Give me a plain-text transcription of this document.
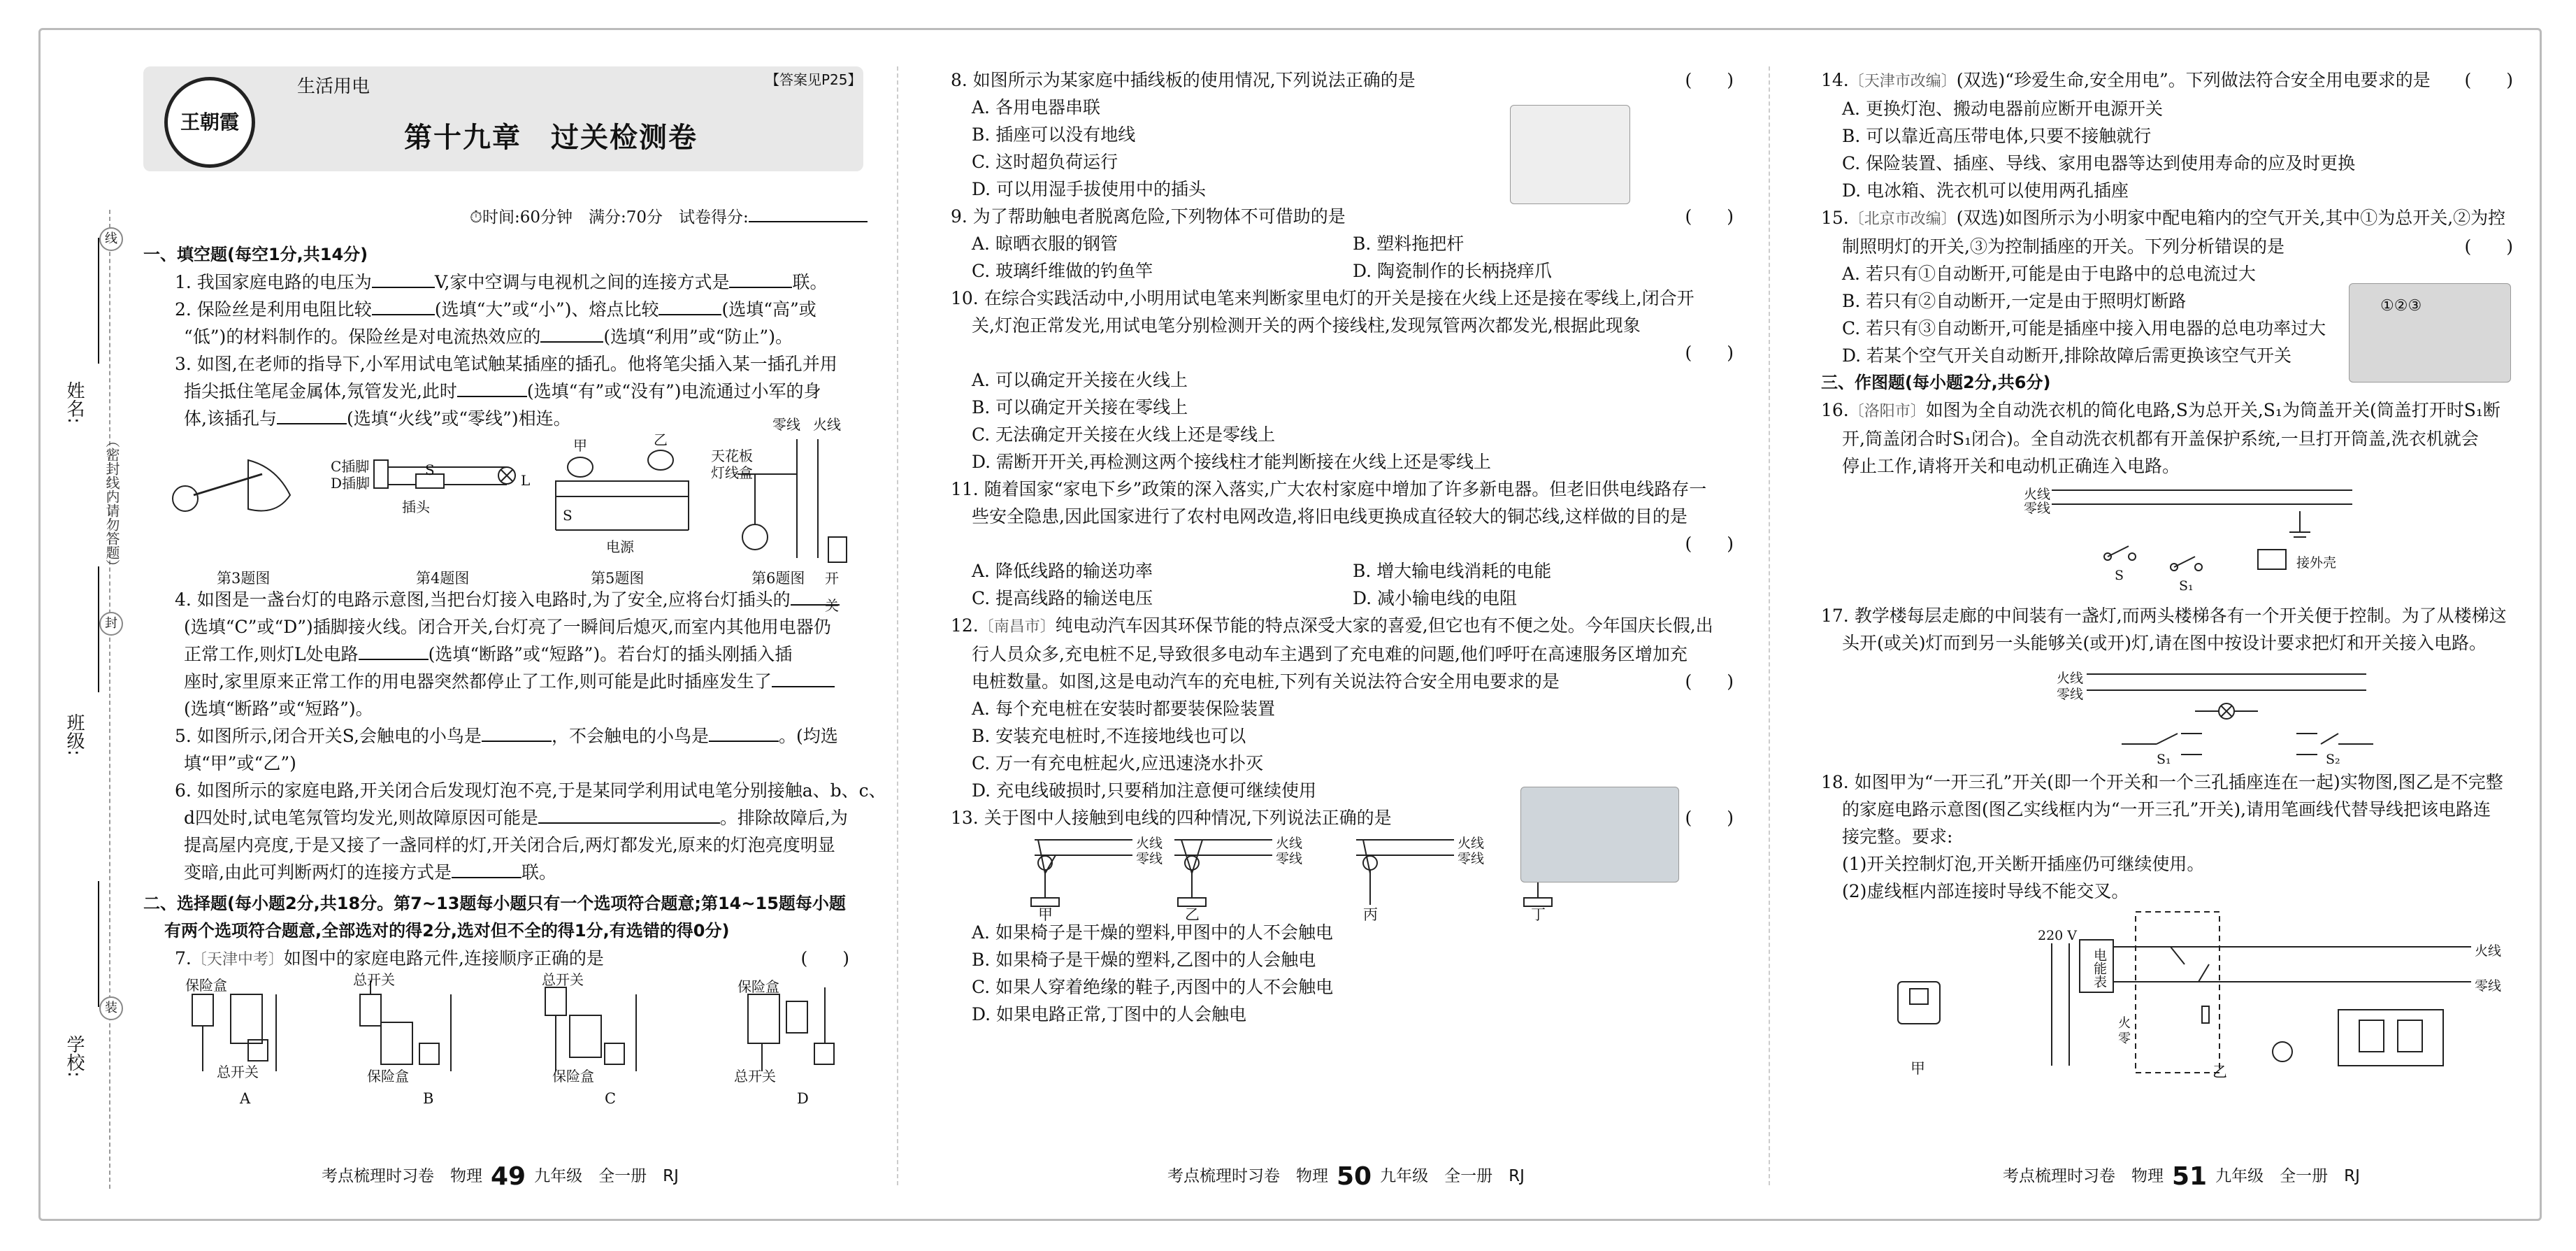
姓名:
（密封线内请勿答题）
班级:
学校:
线
封
装
王朝霞
生活用电	【答案见P25】
第十九章　过关检测卷
⏱时间:60分钟　满分:70分　试卷得分:
一、填空题(每空1分,共14分)
1. 我国家庭电路的电压为	V,家中空调与电视机之间的连接方式是	联。
2. 保险丝是利用电阻比较	(选填“大”或“小”)、熔点比较	(选填“高”或
“低”)的材料制作的。保险丝是对电流热效应的	(选填“利用”或“防止”)。
3. 如图,在老师的指导下,小军用试电笔试触某插座的插孔。他将笔尖插入某一插孔并用
指尖抵住笔尾金属体,氖管发光,此时	(选填“有”或“没有”)电流通过小军的身
体,该插孔与	(选填“火线”或“零线”)相连。
C插脚
D插脚
插头
S
L
甲	乙
S
电源
零线 火线
天花板
灯线盒
开关
第3题图	第4题图	第5题图	第6题图
4. 如图是一盏台灯的电路示意图,当把台灯接入电路时,为了安全,应将台灯插头的
(选填“C”或“D”)插脚接火线。闭合开关,台灯亮了一瞬间后熄灭,而室内其他用电器仍
正常工作,则灯L处电路	(选填“断路”或“短路”)。若台灯的插头刚插入插
座时,家里原来正常工作的用电器突然都停止了工作,则可能是此时插座发生了
(选填“断路”或“短路”)。
5. 如图所示,闭合开关S,会触电的小鸟是	，不会触电的小鸟是	。(均选
填“甲”或“乙”)
6. 如图所示的家庭电路,开关闭合后发现灯泡不亮,于是某同学利用试电笔分别接触a、b、c、
d四处时,试电笔氖管均发光,则故障原因可能是	。排除故障后,为
提高屋内亮度,于是又接了一盏同样的灯,开关闭合后,两灯都发光,原来的灯泡亮度明显
变暗,由此可判断两灯的连接方式是	联。
二、选择题(每小题2分,共18分。第7~13题每小题只有一个选项符合题意;第14~15题每小题
有两个选项符合题意,全部选对的得2分,选对但不全的得1分,有选错的得0分)
7.〔天津中考〕如图中的家庭电路元件,连接顺序正确的是	(　　)
保险盒
总开关
总开关
保险盒
总开关
保险盒
保险盒
总开关
A	B	C	D
8. 如图所示为某家庭中插线板的使用情况,下列说法正确的是	(　　)
A. 各用电器串联
B. 插座可以没有地线
C. 这时超负荷运行
D. 可以用湿手拔使用中的插头
9. 为了帮助触电者脱离危险,下列物体不可借助的是	(　　)
A. 晾晒衣服的钢管	B. 塑料拖把杆
C. 玻璃纤维做的钓鱼竿	D. 陶瓷制作的长柄挠痒爪
10. 在综合实践活动中,小明用试电笔来判断家里电灯的开关是接在火线上还是接在零线上,闭合开
关,灯泡正常发光,用试电笔分别检测开关的两个接线柱,发现氖管两次都发光,根据此现象
(　　)

A. 可以确定开关接在火线上
B. 可以确定开关接在零线上
C. 无法确定开关接在火线上还是零线上
D. 需断开开关,再检测这两个接线柱才能判断接在火线上还是零线上
11. 随着国家“家电下乡”政策的深入落实,广大农村家庭中增加了许多新电器。但老旧供电线路存一
些安全隐患,因此国家进行了农村电网改造,将旧电线更换成直径较大的铜芯线,这样做的目的是
(　　)

A. 降低线路的输送功率	B. 增大输电线消耗的电能
C. 提高线路的输送电压	D. 减小输电线的电阻
12.〔南昌市〕纯电动汽车因其环保节能的特点深受大家的喜爱,但它也有不便之处。今年国庆长假,出
行人员众多,充电桩不足,导致很多电动车主遇到了充电难的问题,他们呼吁在高速服务区增加充
电桩数量。如图,这是电动汽车的充电桩,下列有关说法符合安全用电要求的是	(　　)
A. 每个充电桩在安装时都要装保险装置
B. 安装充电桩时,不连接地线也可以
C. 万一有充电桩起火,应迅速浇水扑灭
D. 充电线破损时,只要稍加注意便可继续使用
13. 关于图中人接触到电线的四种情况,下列说法正确的是	(　　)
火线
零线
火线
零线
火线
零线
甲	乙	丙	丁
A. 如果椅子是干燥的塑料,甲图中的人不会触电
B. 如果椅子是干燥的塑料,乙图中的人会触电
C. 如果人穿着绝缘的鞋子,丙图中的人不会触电
D. 如果电路正常,丁图中的人会触电
14.〔天津市改编〕(双选)“珍爱生命,安全用电”。下列做法符合安全用电要求的是 (　　)
A. 更换灯泡、搬动电器前应断开电源开关
B. 可以靠近高压带电体,只要不接触就行
C. 保险装置、插座、导线、家用电器等达到使用寿命的应及时更换
D. 电冰箱、洗衣机可以使用两孔插座
15.〔北京市改编〕(双选)如图所示为小明家中配电箱内的空气开关,其中①为总开关,②为控
制照明灯的开关,③为控制插座的开关。下列分析错误的是	(　　)
A. 若只有①自动断开,可能是由于电路中的总电流过大
B. 若只有②自动断开,一定是由于照明灯断路
C. 若只有③自动断开,可能是插座中接入用电器的总电功率过大
D. 若某个空气开关自动断开,排除故障后需更换该空气开关
三、作图题(每小题2分,共6分)
16.〔洛阳市〕如图为全自动洗衣机的简化电路,S为总开关,S₁为筒盖开关(筒盖打开时S₁断
开,筒盖闭合时S₁闭合)。全自动洗衣机都有开盖保护系统,一旦打开筒盖,洗衣机就会
停止工作,请将开关和电动机正确连入电路。
火线
零线
S
S₁
接外壳
17. 教学楼每层走廊的中间装有一盏灯,而两头楼梯各有一个开关便于控制。为了从楼梯这
头开(或关)灯而到另一头能够关(或开)灯,请在图中按设计要求把灯和开关接入电路。
火线
零线
S₁	S₂
18. 如图甲为“一开三孔”开关(即一个开关和一个三孔插座连在一起)实物图,图乙是不完整
的家庭电路示意图(图乙实线框内为“一开三孔”开关),请用笔画线代替导线把该电路连
接完整。要求:
(1)开关控制灯泡,开关断开插座仍可继续使用。
(2)虚线框内部连接时导线不能交叉。
220 V
电能表	火线
零线
火
零
甲	乙
①②③
考点梳理时习卷　物理 49 九年级　全一册　RJ	考点梳理时习卷　物理 50 九年级　全一册　RJ	考点梳理时习卷　物理 51 九年级　全一册　RJ
